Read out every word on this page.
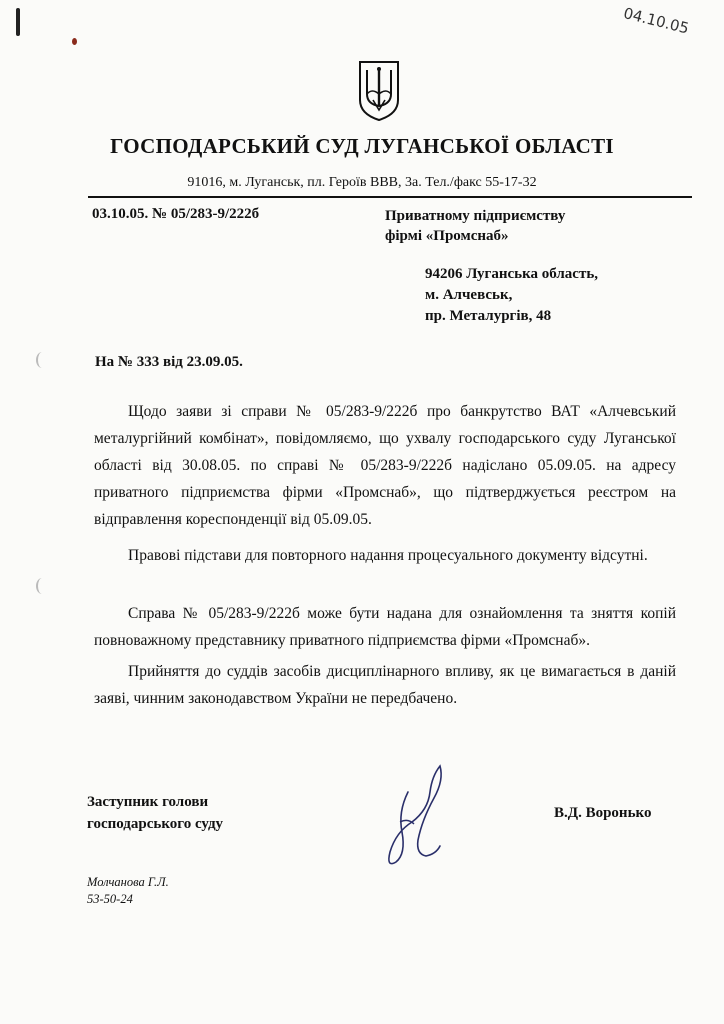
04.10.05
ГОСПОДАРСЬКИЙ СУД ЛУГАНСЬКОЇ ОБЛАСТІ
91016, м. Луганськ, пл. Героїв ВВВ, 3а. Тел./факс 55-17-32
03.10.05. № 05/283-9/222б	Приватному підприємству
фірмі «Промснаб»
94206 Луганська область,
м. Алчевськ,
пр. Металургів, 48
На № 333 від 23.09.05.
Щодо заяви зі справи № 05/283-9/222б про банкрутство ВАТ «Алчевський металургійний комбінат», повідомляємо, що ухвалу господарського суду Луганської області від 30.08.05. по справі № 05/283-9/222б надіслано 05.09.05. на адресу приватного підприємства фірми «Промснаб», що підтверджується реєстром на відправлення кореспонденції від 05.09.05.
Правові підстави для повторного надання процесуального документу відсутні.
Справа № 05/283-9/222б може бути надана для ознайомлення та зняття копій повноважному представнику приватного підприємства фірми «Промснаб».
Прийняття до суддів засобів дисциплінарного впливу, як це вимагається в даній заяві, чинним законодавством України не передбачено.
Заступник голови
господарського суду
В.Д. Воронько
Молчанова Г.Л.
53-50-24
